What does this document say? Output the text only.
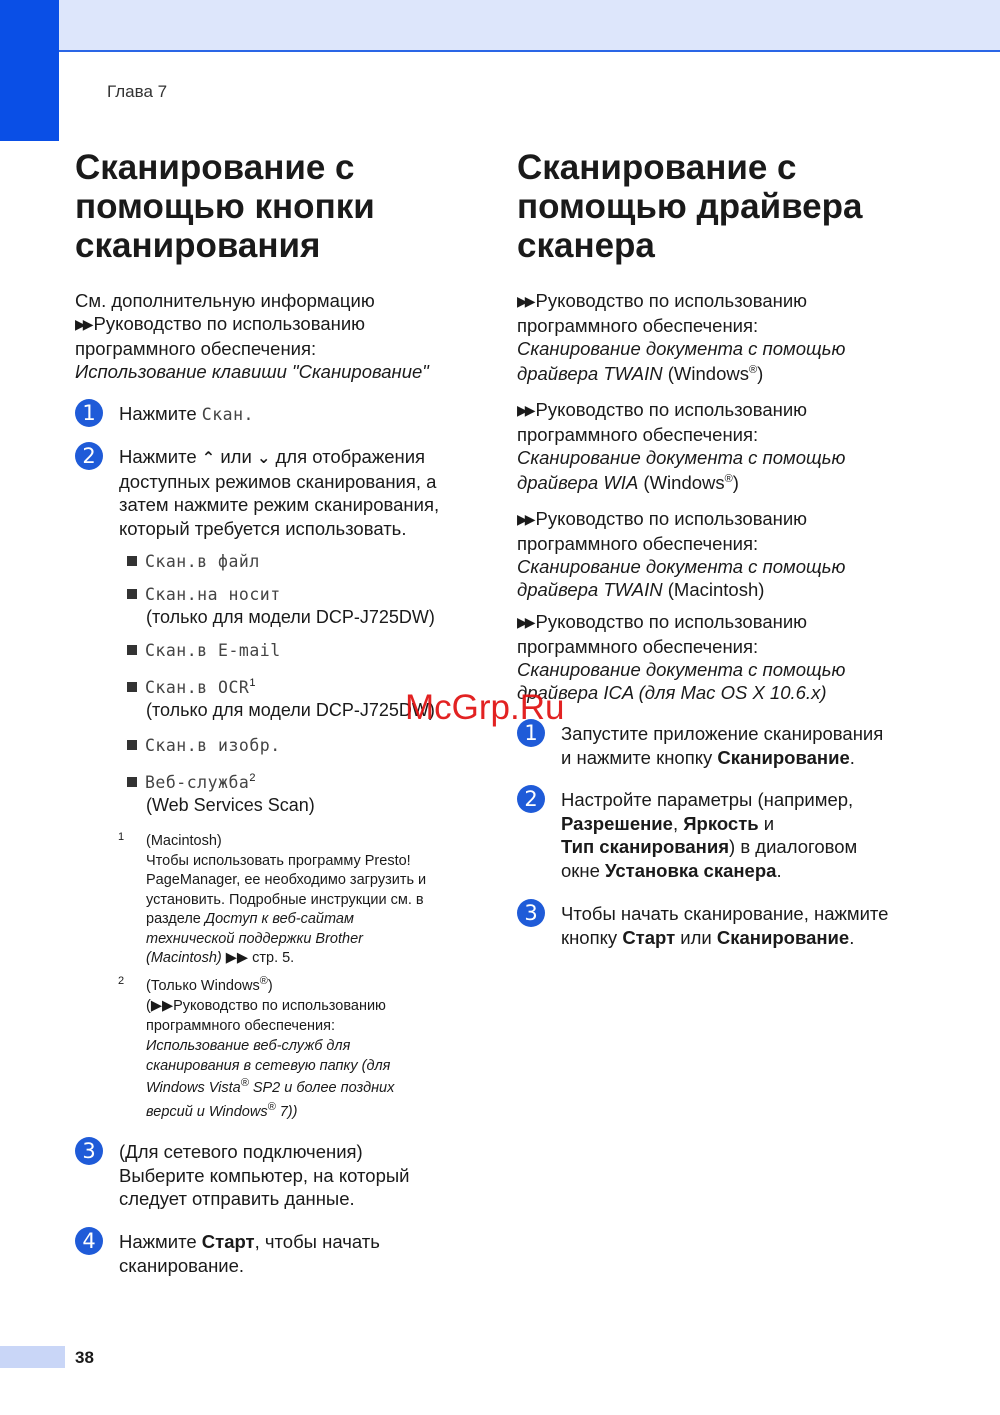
Глава 7
Сканирование с
помощью кнопки
сканирования
См. дополнительную информацию
▶▶ Руководство по использованию
программного обеспечения:
Использование клавиши "Сканирование"
1	Нажмите Скан.
2	Нажмите ⌃ или ⌄ для отображения
доступных режимов сканирования, а
затем нажмите режим сканирования,
который требуется использовать.
Скан.в файл
Скан.на носит
(только для модели DCP-J725DW)
Скан.в E-mail
Скан.в OCR$^1$
(только для модели DCP-J725DW)
Скан.в изобр.
Веб-служба$^2$
(Web Services Scan)
1 (Macintosh)
Чтобы использовать программу Presto!
PageManager, ее необходимо загрузить и
установить. Подробные инструкции см. в
разделе Доступ к веб-сайтам
технической поддержки Brother
(Macintosh) ▶▶ стр. 5.
2 (Только Windows®)
(▶▶Руководство по использованию
программного обеспечения:
Использование веб-служб для
сканирования в сетевую папку (для
Windows Vista® SP2 и более поздних
версий и Windows® 7))
3	(Для сетевого подключения)
Выберите компьютер, на который
следует отправить данные.
4	Нажмите Старт, чтобы начать
сканирование.
Сканирование с
помощью драйвера
сканера
▶▶ Руководство по использованию
программного обеспечения:
Сканирование документа с помощью
драйвера TWAIN (Windows®)
▶▶ Руководство по использованию
программного обеспечения:
Сканирование документа с помощью
драйвера WIA (Windows®)
▶▶ Руководство по использованию
программного обеспечения:
Сканирование документа с помощью
драйвера TWAIN (Macintosh)
▶▶ Руководство по использованию
программного обеспечения:
Сканирование документа с помощью
драйвера ICA (для Mac OS X 10.6.x)
1	Запустите приложение сканирования
и нажмите кнопку Сканирование.
2	Настройте параметры (например,
Разрешение, Яркость и
Тип сканирования) в диалоговом
окне Установка сканера.
3	Чтобы начать сканирование, нажмите
кнопку Старт или Сканирование.
McGrp.Ru
38
